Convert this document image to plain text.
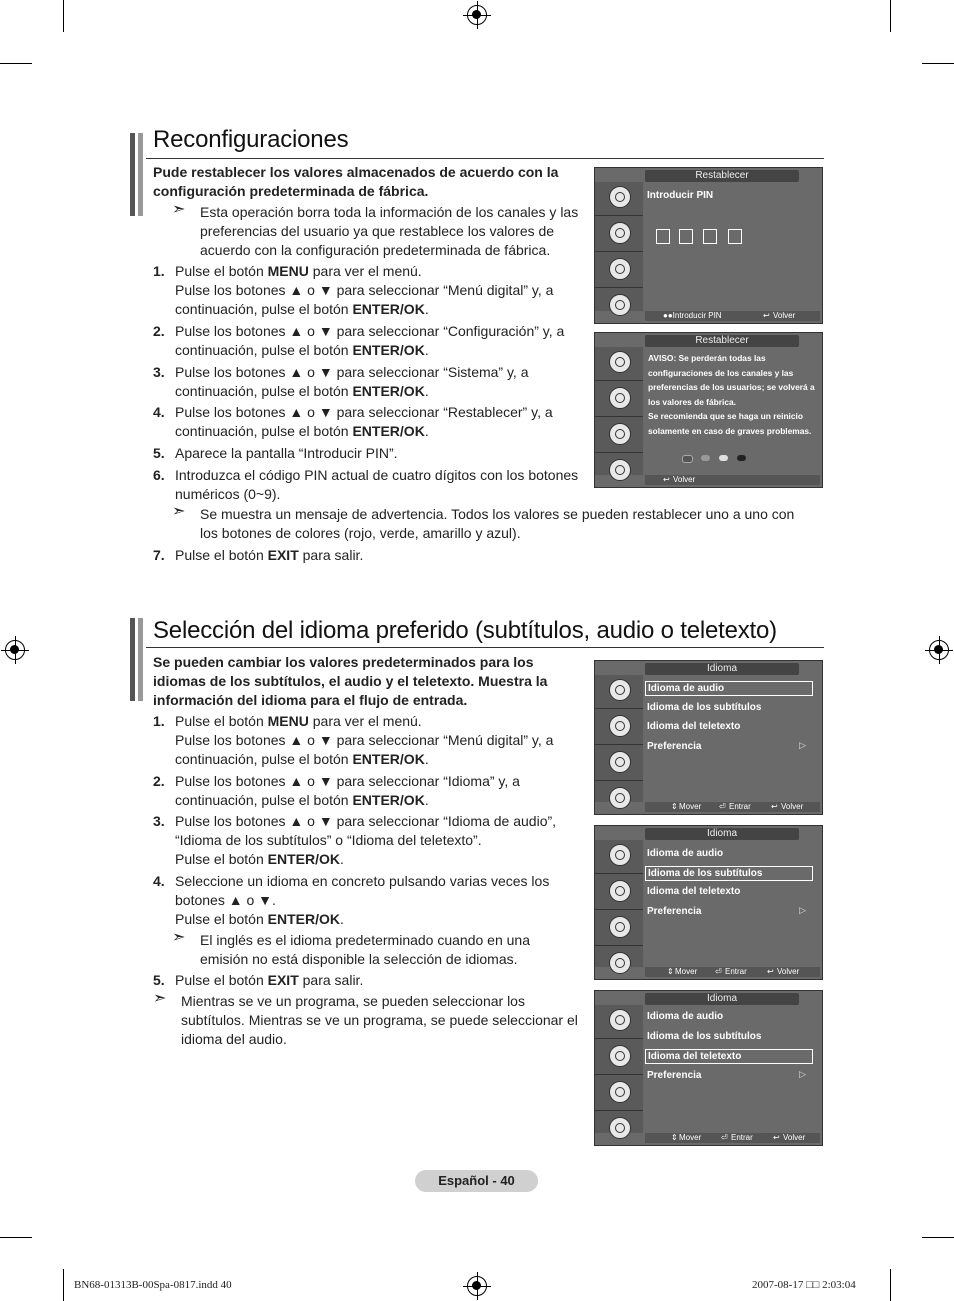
Reconfiguraciones
Pude restablecer los valores almacenados de acuerdo con la configuración predeterminada de fábrica.
➣ Esta operación borra toda la información de los canales y las preferencias del usuario ya que restablece los valores de acuerdo con la configuración predeterminada de fábrica.
1. Pulse el botón MENU para ver el menú.
Pulse los botones ▲ o ▼ para seleccionar “Menú digital” y, a continuación, pulse el botón ENTER/OK.
2. Pulse los botones ▲ o ▼ para seleccionar “Configuración” y, a continuación, pulse el botón ENTER/OK.
3. Pulse los botones ▲ o ▼ para seleccionar “Sistema” y, a continuación, pulse el botón ENTER/OK.
4. Pulse los botones ▲ o ▼ para seleccionar “Restablecer” y, a continuación, pulse el botón ENTER/OK.
5. Aparece la pantalla “Introducir PIN”.
6. Introduzca el código PIN actual de cuatro dígitos con los botones numéricos (0~9).
➣ Se muestra un mensaje de advertencia. Todos los valores se pueden restablecer uno a uno con los botones de colores (rojo, verde, amarillo y azul).
7. Pulse el botón EXIT para salir.
Restablecer
Introducir PIN
●●Introducir PIN	↩ Volver
Restablecer
AVISO: Se perderán todas las configuraciones de los canales y las preferencias de los usuarios; se volverá a los valores de fábrica.
Se recomienda que se haga un reinicio solamente en caso de graves problemas.
↩ Volver
Selección del idioma preferido (subtítulos, audio o teletexto)
Se pueden cambiar los valores predeterminados para los idiomas de los subtítulos, el audio y el teletexto. Muestra la información del idioma para el flujo de entrada.
1. Pulse el botón MENU para ver el menú.
Pulse los botones ▲ o ▼ para seleccionar “Menú digital” y, a continuación, pulse el botón ENTER/OK.
2. Pulse los botones ▲ o ▼ para seleccionar “Idioma” y, a continuación, pulse el botón ENTER/OK.
3. Pulse los botones ▲ o ▼ para seleccionar “Idioma de audio”, “Idioma de los subtítulos” o “Idioma del teletexto”.
Pulse el botón ENTER/OK.
4. Seleccione un idioma en concreto pulsando varias veces los botones ▲ o ▼.
Pulse el botón ENTER/OK.
➣ El inglés es el idioma predeterminado cuando en una emisión no está disponible la selección de idiomas.
5. Pulse el botón EXIT para salir.
➣ Mientras se ve un programa, se pueden seleccionar los subtítulos. Mientras se ve un programa, se puede seleccionar el idioma del audio.
Idioma
Idioma de audio
Idioma de los subtítulos
Idioma del teletexto
Preferencia	▷
⇕ Mover ⏎ Entrar	↩ Volver
Idioma
Idioma de audio
Idioma de los subtítulos
Idioma del teletexto
Preferencia	▷
⇕ Mover ⏎ Entrar	↩ Volver
Idioma
Idioma de audio
Idioma de los subtítulos
Idioma del teletexto
Preferencia	▷
⇕ Mover ⏎ Entrar	↩ Volver
Español - 40
BN68-01313B-00Spa-0817.indd 40	2007-08-17 □□ 2:03:04
